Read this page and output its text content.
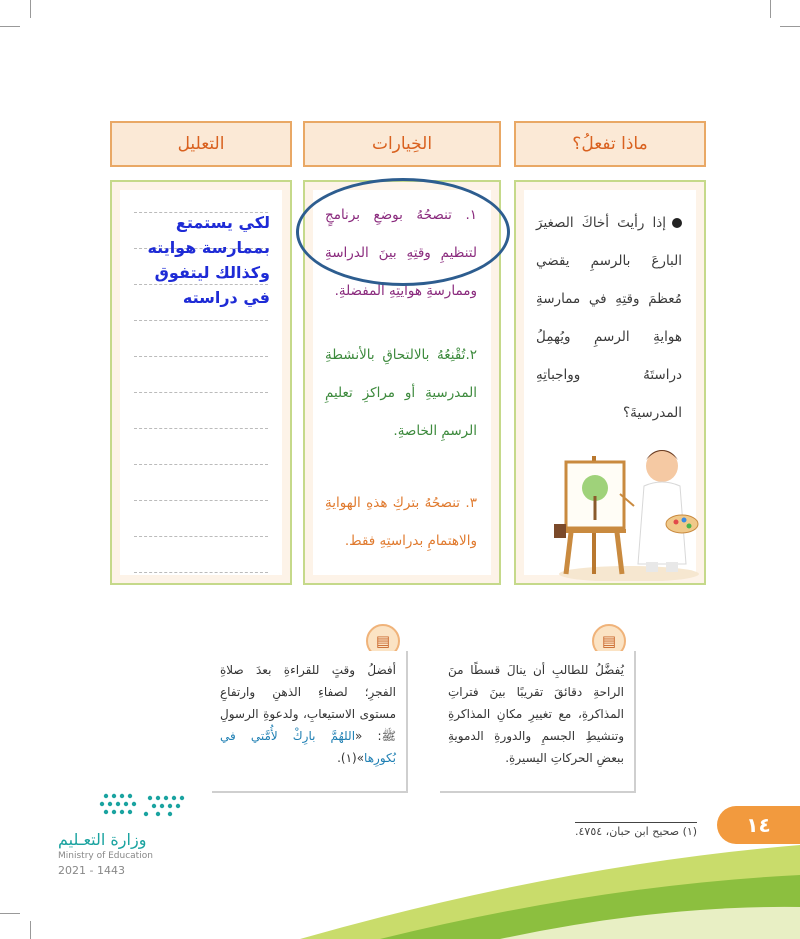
ماذا تفعلُ؟
الخِيارات
التعليل
إذا رأيتَ أخاكَ الصغيرَ البارعَ بالرسمِ يقضي مُعظمَ وقتِهِ في ممارسةِ هوايةِ الرسمِ ويُهمِلُ دراستَهُ وواجباتِهِ المدرسيةَ؟
١. تنصحُهُ بوضعِ برنامجٍ لتنظيمِ وقتِهِ بينَ الدراسةِ وممارسةِ هوايتِهِ المفضلةِ.
٢.تُقْنِعُهُ بالالتحاقِ بالأنشطةِ المدرسيةِ أو مراكزِ تعليمِ الرسمِ الخاصةِ.
٣. تنصحُهُ بتركِ هذهِ الهوايةِ والاهتمامِ بدراستِهِ فقط.
لكي يستمتع
بممارسة هوايته
وكذالك ليتفوق
في دراسته
▤
يُفضَّلُ للطالبِ أن ينالَ قسطًا منَ الراحةِ دقائقَ تقريبًا بينَ فتراتِ المذاكرةِ، مع تغييرِ مكانِ المذاكرةِ وتنشيطِ الجسمِ والدورةِ الدمويةِ ببعضِ الحركاتِ اليسيرةِ.
▤
أفضلُ وقتٍ للقراءةِ بعدَ صلاةِ الفجرِ؛ لصفاءِ الذهنِ وارتفاعِ مستوى الاستيعابِ، ولدعوةِ الرسولِ ﷺ: «اللهُمَّ بارِكْ لأُمَّتي في بُكورِها»(١).
(١) صحيح ابن حبان، ٤٧٥٤. ١٤
وزارة التعـليم
Ministry of Education
2021 - 1443
